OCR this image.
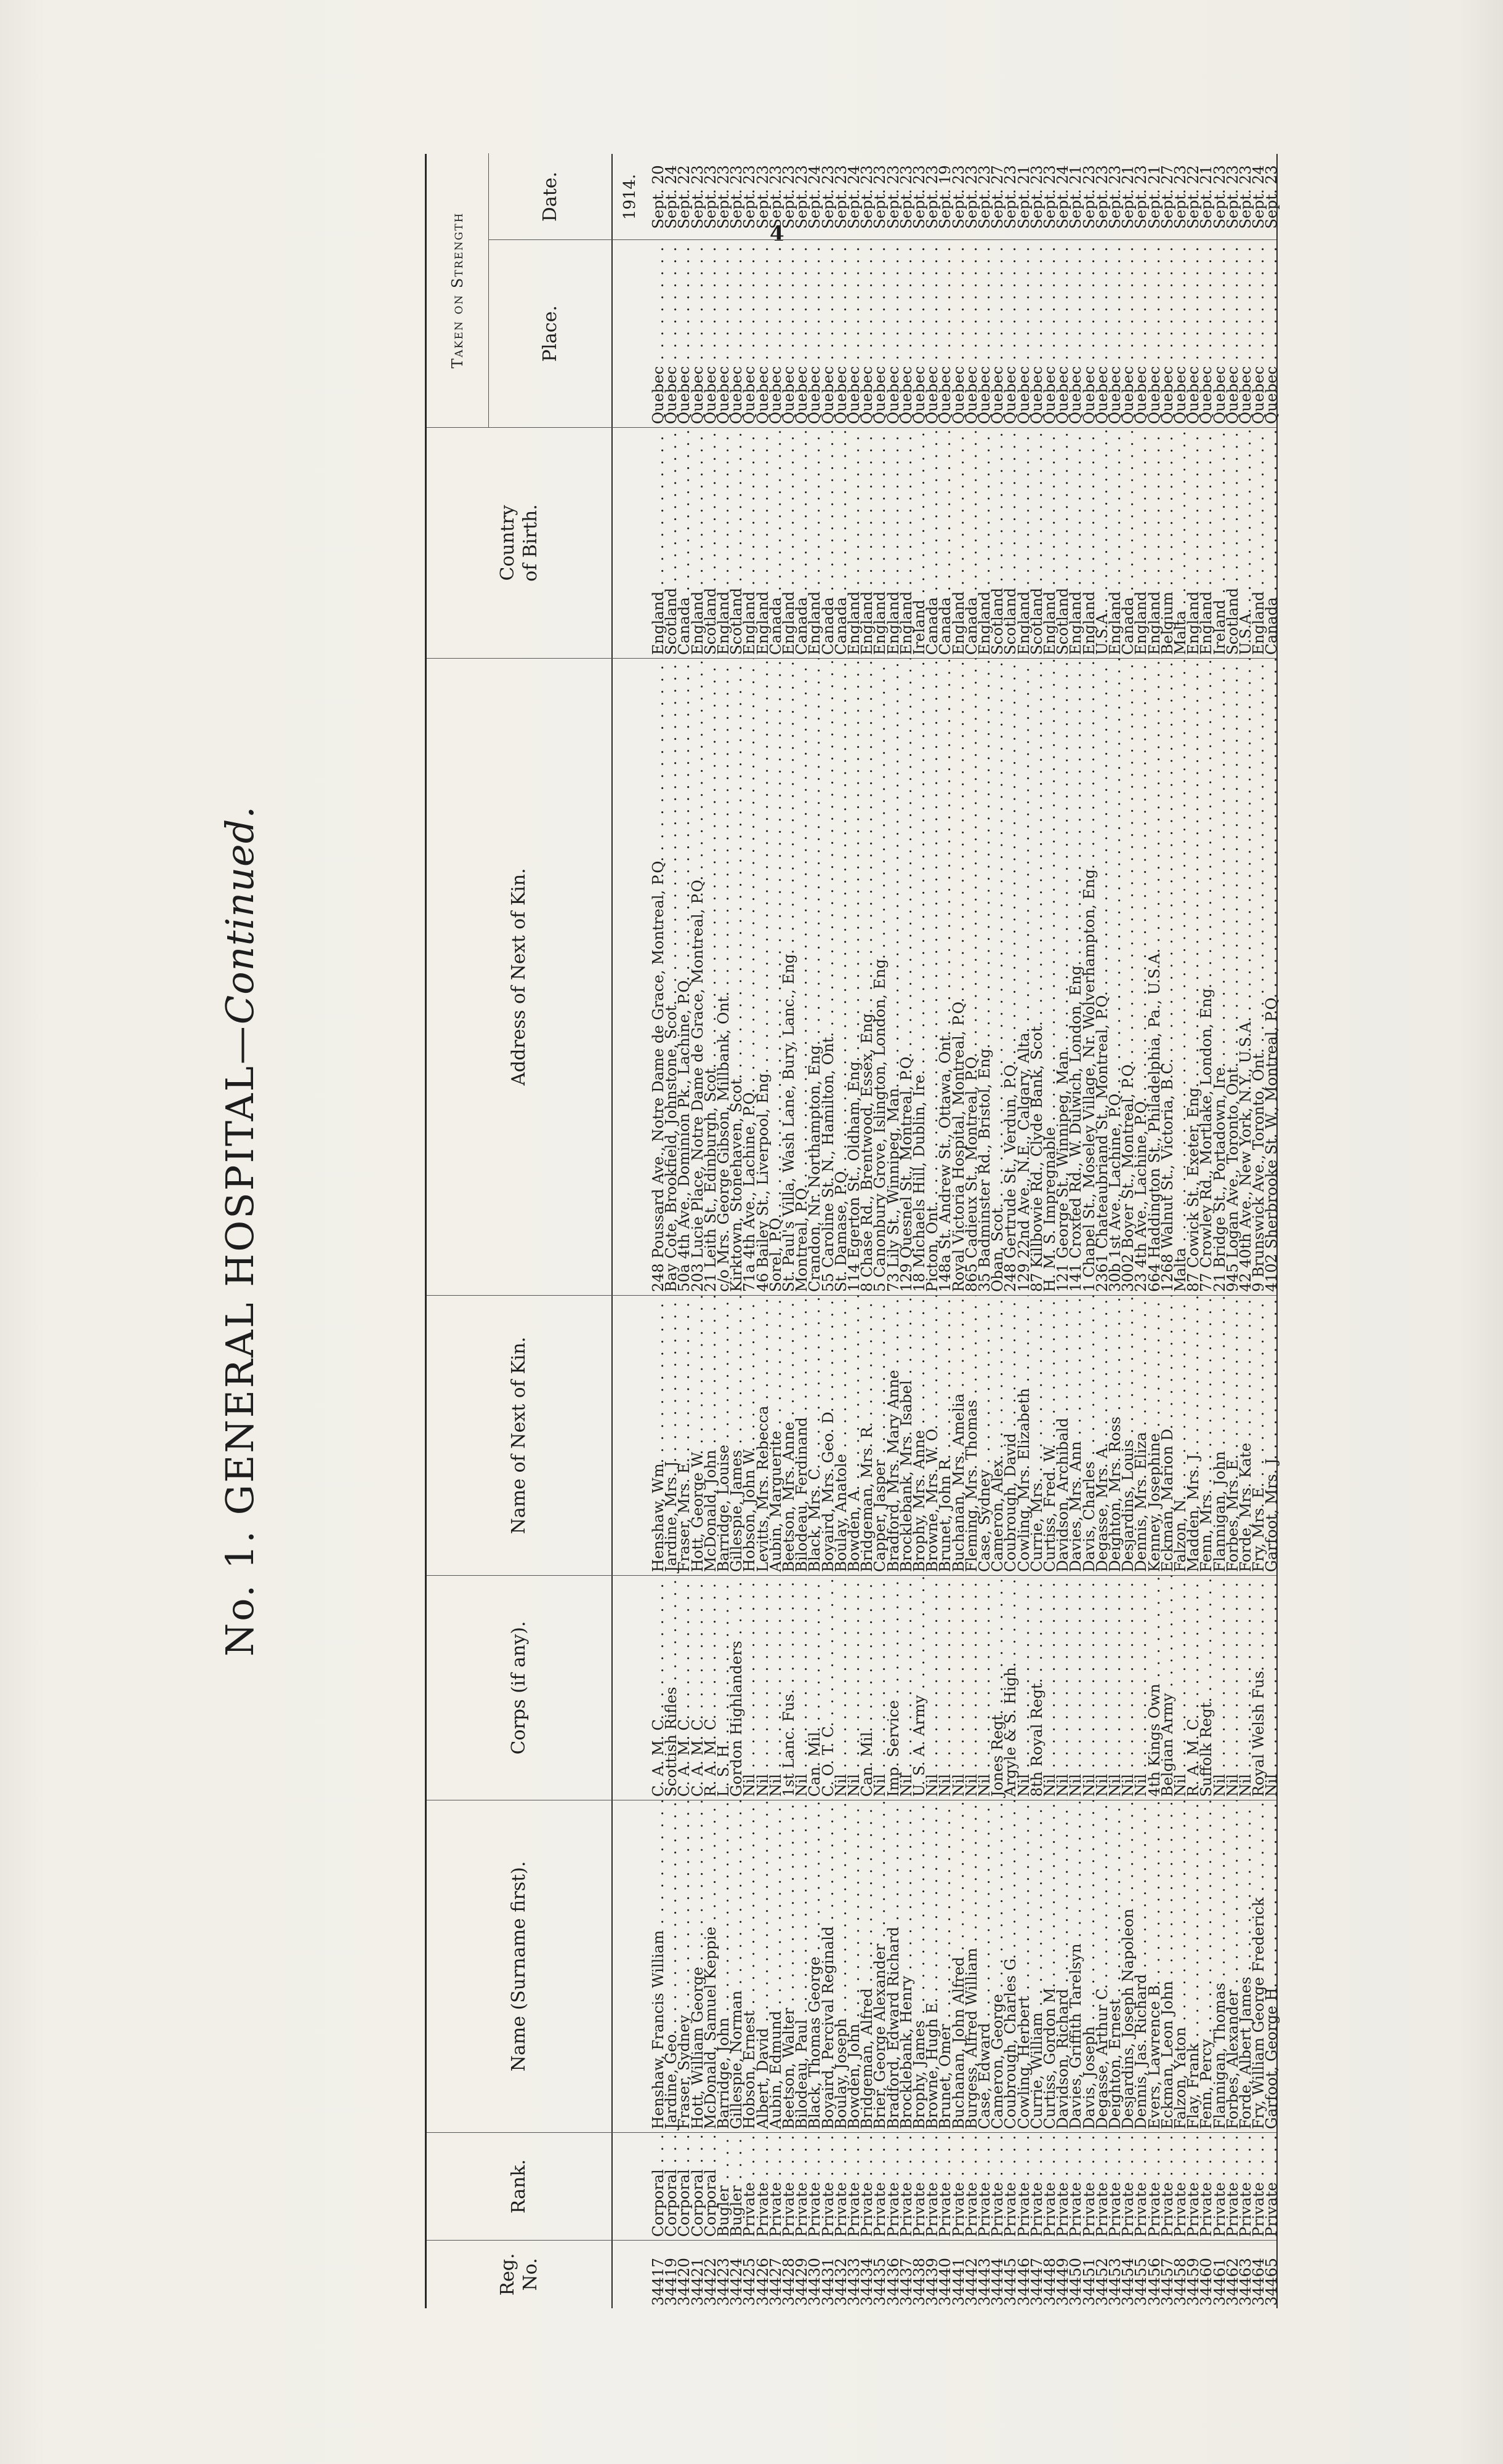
4
No. 1. GENERAL HOSPITAL—Continued.
Reg. No.
Rank.
Name (Surname first).
Corps (if any).
Name of Next of Kin.
Address of Next of Kin.
Country of Birth.
Taken on Strength	Place.
Date.	1914.
34417
Corporal . . .
Henshaw, Francis William . . .
C. A. M. C. . . .
Henshaw, Wm. . . .
248 Poussard Ave., Notre Dame de Grace, Montreal, P.Q. . . .
England . . .
Quebec . . .
Sept. 20
34419
Corporal . . .
Jardine, Geo. . . .
Scottish Rifles . . .
Jardine, Mrs. J. . . .
Bay Cote, Brookfield, Johnstone, Scot. . . .
Scotland . . .
Quebec . . .
Sept. 24
34420
Corporal . . .
Fraser, Sydney . . .
C. A. M. C. . . .
Fraser, Mrs. E. . . .
50a 4th Ave., Dominion Pk., Lachine, P.Q. . . .
Canada . . .
Quebec . . .
Sept. 22
34421
Corporal . . .
Hott, William George . . .
C. A. M. C. . . .
Hott, George W. . . .
203 Lucie Place, Notre Dame de Grace, Montreal, P.Q. . . .
England . . .
Quebec . . .
Sept. 23
34422
Corporal . . .
McDonald, Samuel Keppie . . .
R. A. M. C. . . .
McDonald, John . . .
21 Leith St., Edinburgh, Scot. . . .
Scotland . . .
Quebec . . .
Sept. 23
34423
Bugler . . .
Barridge, John . . .
L. S. H. . . .
Barridge, Louise . . .
c/o Mrs. George Gibson, Millbank, Ont. . . .
England . . .
Quebec . . .
Sept. 23
34424
Bugler . . .
Gillespie, Norman . . .
Gordon Highlanders . . .
Gillespie, James . . .
Kirktown, Stonehaven, Scot. . . .
Scotland . . .
Quebec . . .
Sept. 23
34425
Private . . .
Hobson, Ernest . . .
Nil . . .
Hobson, John W. . . .
71a 4th Ave., Lachine, P.Q. . . .
England . . .
Quebec . . .
Sept. 23
34426
Private . . .
Albert, David . . .
Nil . . .
Levitts, Mrs. Rebecca . . .
46 Bailey St., Liverpool, Eng. . . .
England . . .
Quebec . . .
Sept. 23
34427
Private . . .
Aubin, Edmund . . .
Nil . . .
Aubin, Marguerite . . .
Sorel, P.Q. . . .
Canada . . .
Quebec . . .
Sept. 23
34428
Private . . .
Beetson, Walter . . .
1st Lanc. Fus. . . .
Beetson, Mrs. Anne . . .
St. Paul's Villa, Wash Lane, Bury, Lanc., Eng. . . .
England . . .
Quebec . . .
Sept. 23
34429
Private . . .
Bilodeau, Paul . . .
Nil . . .
Bilodeau, Ferdinand . . .
Montreal, P.Q. . . .
Canada . . .
Quebec . . .
Sept. 23
34430
Private . . .
Black, Thomas George . . .
Can. Mil. . . .
Black, Mrs. C. . . .
Crandon, Nr. Northampton, Eng. . . .
England . . .
Quebec . . .
Sept. 24
34431
Private . . .
Boyaird, Percival Reginald . . .
C. O. T. C. . . .
Boyaird, Mrs. Geo. D. . . .
55 Caroline St. N., Hamilton, Ont. . . .
Canada . . .
Quebec . . .
Sept. 23
34432
Private . . .
Boulay, Joseph . . .
Nil . . .
Boulay, Anatole . . .
St. Damase, P.Q. . . .
Canada . . .
Quebec . . .
Sept. 23
34433
Private . . .
Bowden, John . . .
Nil . . .
Bowden, A. . . .
114 Egerton St., Oldham, Eng. . . .
England . . .
Quebec . . .
Sept. 24
34434
Private . . .
Bridgeman, Alfred . . .
Can. Mil. . . .
Bridgeman, Mrs. R. . . .
8 Chase Rd., Brentwood, Essex, Eng. . . .
England . . .
Quebec . . .
Sept. 23
34435
Private . . .
Brier, George Alexander . . .
Nil . . .
Capper, Jasper . . .
5 Canonbury Grove, Islington, London, Eng. . . .
England . . .
Quebec . . .
Sept. 23
34436
Private . . .
Bradford, Edward Richard . . .
Imp. Service . . .
Bradford, Mrs. Mary Anne . . .
73 Lily St., Winnipeg, Man. . . .
England . . .
Quebec . . .
Sept. 23
34437
Private . . .
Brocklebank, Henry . . .
Nil . . .
Brocklebank, Mrs. Isabel . . .
129 Quesnel St., Montreal, P.Q. . . .
England . . .
Quebec . . .
Sept. 23
34438
Private . . .
Brophy, James . . .
U. S. A. Army . . .
Brophy, Mrs. Anne . . .
18 Michaels Hill, Dublin, Ire. . . .
Ireland . . .
Quebec . . .
Sept. 23
34439
Private . . .
Browne, Hugh E. . . .
Nil . . .
Browne, Mrs. W. O. . . .
Picton, Ont. . . .
Canada . . .
Quebec . . .
Sept. 23
34440
Private . . .
Brunet, Omer . . .
Nil . . .
Brunet, John R. . . .
148a St. Andrew St., Ottawa, Ont. . . .
Canada . . .
Quebec . . .
Sept. 19
34441
Private . . .
Buchanan, John Alfred . . .
Nil . . .
Buchanan, Mrs. Amelia . . .
Royal Victoria Hospital, Montreal, P.Q. . . .
England . . .
Quebec . . .
Sept. 23
34442
Private . . .
Burgess, Alfred William . . .
Nil . . .
Fleming, Mrs. Thomas . . .
865 Cadieux St., Montreal, P.Q. . . .
Canada . . .
Quebec . . .
Sept. 23
34443
Private . . .
Case, Edward . . .
Nil . . .
Case, Sydney . . .
35 Badminster Rd., Bristol, Eng. . . .
England . . .
Quebec . . .
Sept. 23
34444
Private . . .
Cameron, George . . .
Jones Regt. . . .
Cameron, Alex. . . .
Oban, Scot. . . .
Scotland . . .
Quebec . . .
Sept. 27
34445
Private . . .
Coubrough, Charles G. . . .
Argyle & S. High. . . .
Coubrough, David . . .
248 Gertrude St., Verdun, P.Q. . . .
Scotland . . .
Quebec . . .
Sept. 23
34446
Private . . .
Cowling, Herbert . . .
Nil . . .
Cowling, Mrs. Elizabeth . . .
129 22nd Ave., N.E., Calgary, Alta. . . .
England . . .
Quebec . . .
Sept. 21
34447
Private . . .
Currie, William . . .
8th Royal Regt. . . .
Currie, Mrs. . . .
87 Killbowie Rd., Clyde Bank, Scot. . . .
Scotland . . .
Quebec . . .
Sept. 23
34448
Private . . .
Curtiss, Gordon M. . . .
Nil . . .
Curtiss, Fred. W. . . .
H. M. S. Impregnable . . .
England . . .
Quebec . . .
Sept. 23
34449
Private . . .
Davidson, Richard . . .
Nil . . .
Davidson, Archibald . . .
121 George St., Winnipeg, Man. . . .
Scotland . . .
Quebec . . .
Sept. 24
34450
Private . . .
Davies, Griffith Tarelsyn . . .
Nil . . .
Davies, Mrs. Ann . . .
141 Croxted Rd., W. Dulwich, London, Eng. . . .
England . . .
Quebec . . .
Sept. 21
34451
Private . . .
Davis, Joseph . . .
Nil . . .
Davis, Charles . . .
1 Chapel St., Moseley Village, Nr. Wolverhampton, Eng. . . .
England . . .
Quebec . . .
Sept. 23
34452
Private . . .
Degasse, Arthur C. . . .
Nil . . .
Degasse, Mrs. A. . . .
2361 Chateaubriand St., Montreal, P.Q. . . .
U.S.A. . . .
Quebec . . .
Sept. 23
34453
Private . . .
Deighton, Ernest . . .
Nil . . .
Deighton, Mrs. Ross . . .
30b 1st Ave., Lachine, P.Q. . . .
England . . .
Quebec . . .
Sept. 23
34454
Private . . .
Desjardins, Joseph Napoleon . . .
Nil . . .
Desjardins, Louis . . .
3002 Boyer St., Montreal, P.Q. . . .
Canada . . .
Quebec . . .
Sept. 21
34455
Private . . .
Dennis, Jas. Richard . . .
Nil . . .
Dennis, Mrs. Eliza . . .
23 4th Ave., Lachine, P.Q. . . .
England . . .
Quebec . . .
Sept. 23
34456
Private . . .
Evers, Lawrence B. . . .
4th Kings Own . . .
Kenney, Josephine . . .
664 Haddington St., Philadelphia, Pa., U.S.A. . . .
England . . .
Quebec . . .
Sept. 21
34457
Private . . .
Eckman, Leon John . . .
Belgian Army . . .
Eckman, Marion D. . . .
1268 Walnut St., Victoria, B.C. . . .
Belgium . . .
Quebec . . .
Sept. 27
34458
Private . . .
Falzon, Yaton . . .
Nil . . .
Falzon, N. . . .
Malta . . .
Malta . . .
Quebec . . .
Sept. 23
34459
Private . . .
Flay, Frank . . .
R. A. M. C. . . .
Madden, Mrs. J. . . .
87 Cowick St., Exeter, Eng. . . .
England . . .
Quebec . . .
Sept. 22
34460
Private . . .
Fenn, Percy . . .
Suffolk Regt. . . .
Fenn, Mrs. . . .
77 Crowley Rd., Mortlake, London, Eng. . . .
England . . .
Quebec . . .
Sept. 21
34461
Private . . .
Flannigan, Thomas . . .
Nil . . .
Flannigan, John . . .
21 Bridge St., Portadown, Ire. . . .
Ireland . . .
Quebec . . .
Sept. 23
34462
Private . . .
Forbes, Alexander . . .
Nil . . .
Forbes, Mrs. E. . . .
945 Logan Ave., Toronto, Ont. . . .
Scotland . . .
Quebec . . .
Sept. 23
34463
Private . . .
Forde, Albert James . . .
Nil . . .
Forde, Mrs. Kate . . .
42 40th Ave., New York, N.Y., U.S.A. . . .
U.S.A. . . .
Quebec . . .
Sept. 23
34464
Private . . .
Fry, William George Frederick . . .
Royal Welsh Fus. . . .
Fry, Mrs. E. . . .
9 Brunswick Ave., Toronto, Ont. . . .
England . . .
Quebec . . .
Sept. 24
34465
Private . . .
Garfoot, George H. . . .
Nil . . .
Garfoot, Mrs. J. . . .
4102 Sherbrooke St. W., Montreal, P.Q. . . .
Canada . . .
Quebec . . .
Sept. 23
